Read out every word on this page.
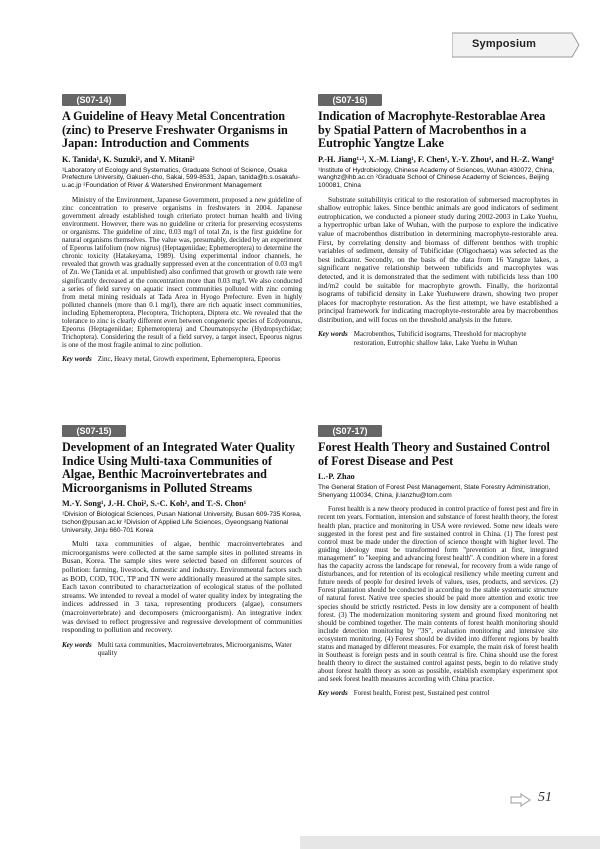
Symposium
(S07-14)
A Guideline of Heavy Metal Concentration (zinc) to Preserve Freshwater Organisms in Japan: Introduction and Comments
K. Tanida¹, K. Suzuki¹, and Y. Mitani²
¹Laboratory of Ecology and Systematics, Graduate School of Science, Osaka Prefecture University, Gakuen-cho, Sakai, 599-8531, Japan, tanida@b.s.osakafu-u.ac.jp ²Foundation of River & Watershed Environment Management

Ministry of the Environment, Japanese Government, proposed a new guideline of zinc concentration to preserve organisms in freshwaters in 2004. Japanese government already established tough criteriato protect human health and living environment. However, there was no guideline or criteria for preserving ecosystems or organisms. The guideline of zinc, 0.03 mg/l of total Zn, is the first guideline for natural organisms themselves. The value was, presumably, decided by an experiment of Epeorus latifolium (now nigrus) (Heptageniidae; Ephemeroptera) to determine the chronic toxicity (Hatakeyama, 1989). Using experimental indoor channels, he revealed that growth was gradually suppressed even at the concentration of 0.03 mg/l of Zn. We (Tanida et al. unpublished) also confirmed that growth or growth rate were significantly decreased at the concentration more than 0.03 mg/l. We also conducted a series of field survey on aquatic insect communities polluted with zinc coming from metal mining residuals at Tada Area in Hyogo Prefecture. Even in highly polluted channels (more than 0.1 mg/l), there are rich aquatic insect communities, including Ephemeroptera, Plecoptera, Trichoptera, Diptera etc. We revealed that the tolerance to zinc is clearly different even between congeneric species of Ecdyonurus, Epeorus (Heptageniidae; Ephemeroptera) and Cheumatopsyche (Hydropsychidae; Trichoptera). Considering the result of a field survey, a target insect, Epeorus nigrus is one of the most fragile animal to zinc pollution.

Key words Zinc, Heavy metal, Growth experiment, Ephemeroptera, Epeorus
(S07-16)
Indication of Macrophyte-Restorablae Area by Spatial Pattern of Macrobenthos in a Eutrophic Yangtze Lake
P.-H. Jiang¹·², X.-M. Liang¹, F. Chen¹, Y.-Y. Zhou¹, and H.-Z. Wang¹
¹Institute of Hydrobiology, Chinese Academy of Sciences, Wuhan 430072, China, wanghz@ihb.ac.cn ²Graduate School of Chinese Academy of Sciences, Beijing 100081, China

Substrate suitabilityis critical to the restoration of submersed macrophytes in shallow eutrophic lakes. Since benthic animals are good indicators of sediment eutrophication, we conducted a pioneer study during 2002-2003 in Lake Yuehu, a hypertrophic urban lake of Wuhan, with the purpose to explore the indicative value of macrobenthos distribution in determining macrophyte-restorable area. First, by correlating density and biomass of different benthos with trophic variables of sediment, density of Tubificidae (Oligochaeta) was selected as the best indicator. Secondly, on the basis of the data from 16 Yangtze lakes, a significant negative relationship between tubificids and macrophytes was detected, and it is demonstrated that the sediment with tubificids less than 100 ind/m2 could be suitable for macrophyte growth. Finally, the horizontal isograms of tubificid density in Lake Yuehuwere drawn, showing two proper places for macrophyte restoration. As the first attempt, we have established a principal framework for indicating macrophyte-restorable area by macrobenthos distribution, and will focus on the threshold analysis in the future.

Key words Macrobenthos, Tubificid isograms, Threshold for macrophyte restoration, Eutrophic shallow lake, Lake Yuehu in Wuhan
(S07-15)
Development of an Integrated Water Quality Indice Using Multi-taxa Communities of Algae, Benthic Macroinvertebrates and Microorganisms in Polluted Streams
M.-Y. Song¹, J.-H. Choi², S.-C. Koh², and T.-S. Chon¹
¹Division of Biological Sciences, Pusan National University, Busan 609-735 Korea, tschon@pusan.ac.kr ²Division of Applied Life Sciences, Gyeongsang National University, Jinju 660-701 Korea

Multi taxa communities of algae, benthic macroinvertebrates and microorganisms were collected at the same sample sites in polluted streams in Busan, Korea. The sample sites were selected based on different sources of pollution: farming, livestock, domestic and industry. Environmental factors such as BOD, COD, TOC, TP and TN were additionally measured at the sample sites. Each taxon contributed to characterization of ecological status of the polluted streams. We intended to reveal a model of water quality index by integrating the indices addressed in 3 taxa, representing producers (algae), consumers (macroinvertebrate) and decomposers (microorganism). An integrative index was devised to reflect progressive and regressive development of communities responding to pollution and recovery.

Key words Multi taxa communities, Macroinvertebrates, Microorganisms, Water quality
(S07-17)
Forest Health Theory and Sustained Control of Forest Disease and Pest
L.-P. Zhao
The General Station of Forest Pest Management, State Forestry Administration, Shenyang 110034, China, jl.lanzhu@tom.com

Forest health is a new theory produced in control practice of forest pest and fire in recent ten years. Formation, intension and substance of forest health theory, the forest health plan, practice and monitoring in USA were reviewed. Some new ideals were suggested in the forest pest and fire sustained control in China. (1) The forest pest control must be made under the direction of science thought with higher level. The guiding ideology must be transformed form "prevention at first, integrated management" to "keeping and advancing forest health". A condition where in a forest has the capacity across the landscape for renewal, for recovery from a wide range of disturbances, and for retention of its ecological resiliency while meeting current and future needs of people for desired levels of values, uses, products, and services. (2) Forest plantation should be conducted in according to the stable systematic structure of natural forest. Native tree species should be paid more attention and exotic tree species should be strictly restricted. Pests in low density are a component of health forest. (3) The modernization monitoring system and ground fixed monitoring net should be combined together. The main contents of forest health monitoring should include detection monitoring by "3S", evaluation monitoring and intensive site ecosystem monitoring. (4) Forest should be divided into different regions by health status and managed by different measures. For example, the main risk of forest health in Southeast is foreign pests and in south central is fire. China should use the forest health theory to direct the sustained control against pests, begin to do relative study about forest health theory as soon as possible, establish exemplary experiment spot and seek forest health measures according with China practice.

Key words Forest health, Forest pest, Sustained pest control
51
